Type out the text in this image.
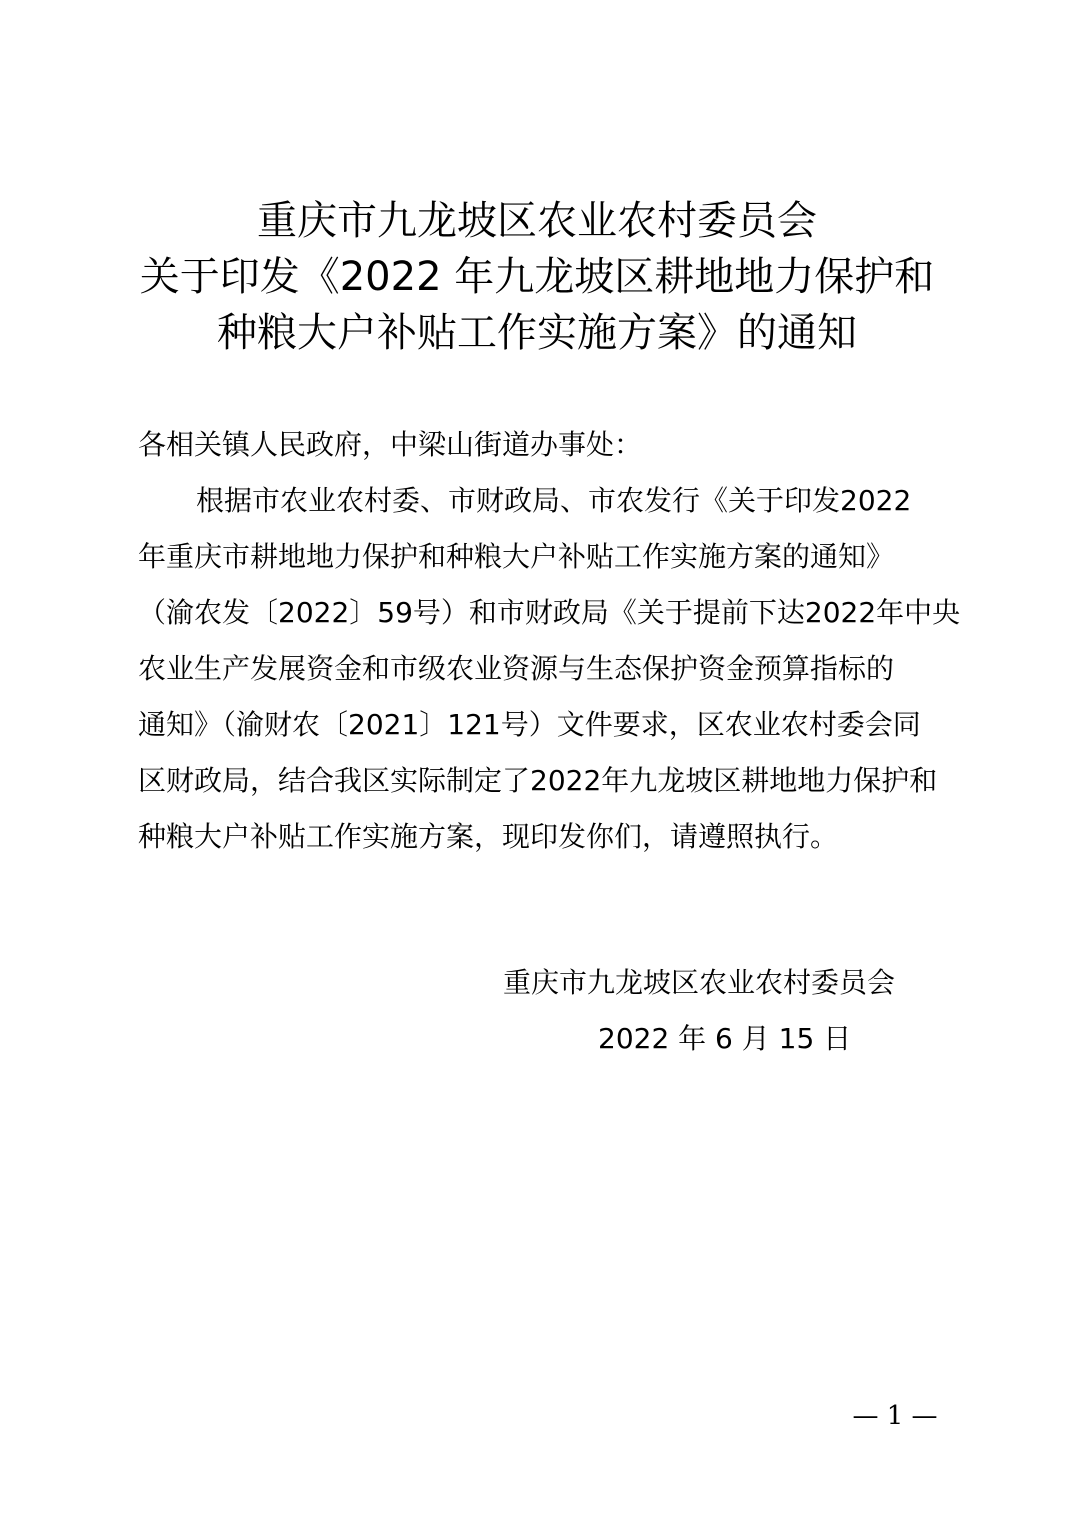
重庆市九龙坡区农业农村委员会
关于印发《2022 年九龙坡区耕地地力保护和
种粮大户补贴工作实施方案》的通知
各相关镇人民政府，中梁山街道办事处：
根据市农业农村委、市财政局、市农发行《关于印发2022
年重庆市耕地地力保护和种粮大户补贴工作实施方案的通知》
（渝农发〔2022〕59号）和市财政局《关于提前下达2022年中央
农业生产发展资金和市级农业资源与生态保护资金预算指标的
通知》（渝财农〔2021〕121号）文件要求，区农业农村委会同
区财政局，结合我区实际制定了2022年九龙坡区耕地地力保护和
种粮大户补贴工作实施方案，现印发你们，请遵照执行。
重庆市九龙坡区农业农村委员会
2022 年 6 月 15 日
— 1 —
